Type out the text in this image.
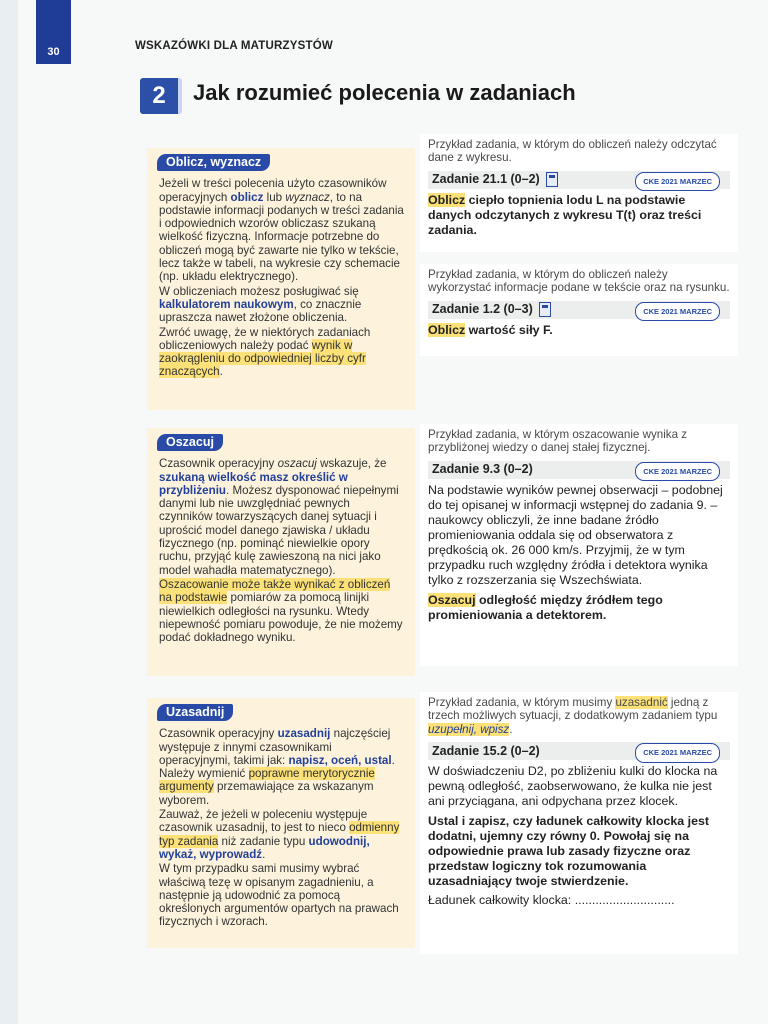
30	WSKAZÓWKI DLA MATURZYSTÓW
2	Jak rozumieć polecenia w zadaniach
Oblicz, wyznacz

Jeżeli w treści polecenia użyto czasowników operacyjnych oblicz lub wyznacz, to na podstawie informacji podanych w treści zadania i odpowiednich wzorów obliczasz szukaną wielkość fizyczną. Informacje potrzebne do obliczeń mogą być zawarte nie tylko w tekście, lecz także w tabeli, na wykresie czy schemacie (np. układu elektrycznego).

W obliczeniach możesz posługiwać się kalkulatorem naukowym, co znacznie upraszcza nawet złożone obliczenia.

Zwróć uwagę, że w niektórych zadaniach obliczeniowych należy podać wynik w zaokrągleniu do odpowiedniej liczby cyfr znaczących.

Oszacuj

Czasownik operacyjny oszacuj wskazuje, że szukaną wielkość masz określić w przybliżeniu. Możesz dysponować niepełnymi danymi lub nie uwzględniać pewnych czynników towarzyszących danej sytuacji i uprościć model danego zjawiska / układu fizycznego (np. pominąć niewielkie opory ruchu, przyjąć kulę zawieszoną na nici jako model wahadła matematycznego).

Oszacowanie może także wynikać z obliczeń na podstawie pomiarów za pomocą linijki niewielkich odległości na rysunku. Wtedy niepewność pomiaru powoduje, że nie możemy podać dokładnego wyniku.

Uzasadnij

Czasownik operacyjny uzasadnij najczęściej występuje z innymi czasownikami operacyjnymi, takimi jak: napisz, oceń, ustal. Należy wymienić poprawne merytorycznie argumenty przemawiające za wskazanym wyborem.

Zauważ, że jeżeli w poleceniu występuje czasownik uzasadnij, to jest to nieco odmienny typ zadania niż zadanie typu udowodnij, wykaż, wyprowadź.

W tym przypadku sami musimy wybrać właściwą tezę w opisanym zagadnieniu, a następnie ją udowodnić za pomocą określonych argumentów opartych na prawach fizycznych i wzorach.

Przykład zadania, w którym do obliczeń należy odczytać dane z wykresu.

Zadanie 21.1 (0–2)	CKE 2021 MARZEC

Oblicz ciepło topnienia lodu L na podstawie danych odczytanych z wykresu T(t) oraz treści zadania.

Przykład zadania, w którym do obliczeń należy wykorzystać informacje podane w tekście oraz na rysunku.

Zadanie 1.2 (0–3)	CKE 2021 MARZEC

Oblicz wartość siły F.

Przykład zadania, w którym oszacowanie wynika z przybliżonej wiedzy o danej stałej fizycznej.

Zadanie 9.3 (0–2)	CKE 2021 MARZEC

Na podstawie wyników pewnej obserwacji – podobnej do tej opisanej w informacji wstępnej do zadania 9. – naukowcy obliczyli, że inne badane źródło promieniowania oddala się od obserwatora z prędkością ok. 26 000 km/s. Przyjmij, że w tym przypadku ruch względny źródła i detektora wynika tylko z rozszerzania się Wszechświata.

Oszacuj odległość między źródłem tego promieniowania a detektorem.

Przykład zadania, w którym musimy uzasadnić jedną z trzech możliwych sytuacji, z dodatkowym zadaniem typu uzupełnij, wpisz.

Zadanie 15.2 (0–2)	CKE 2021 MARZEC

W doświadczeniu D2, po zbliżeniu kulki do klocka na pewną odległość, zaobserwowano, że kulka nie jest ani przyciągana, ani odpychana przez klocek.

Ustal i zapisz, czy ładunek całkowity klocka jest dodatni, ujemny czy równy 0. Powołaj się na odpowiednie prawa lub zasady fizyczne oraz przedstaw logiczny tok rozumowania uzasadniający twoje stwierdzenie.

Ładunek całkowity klocka: .............................
